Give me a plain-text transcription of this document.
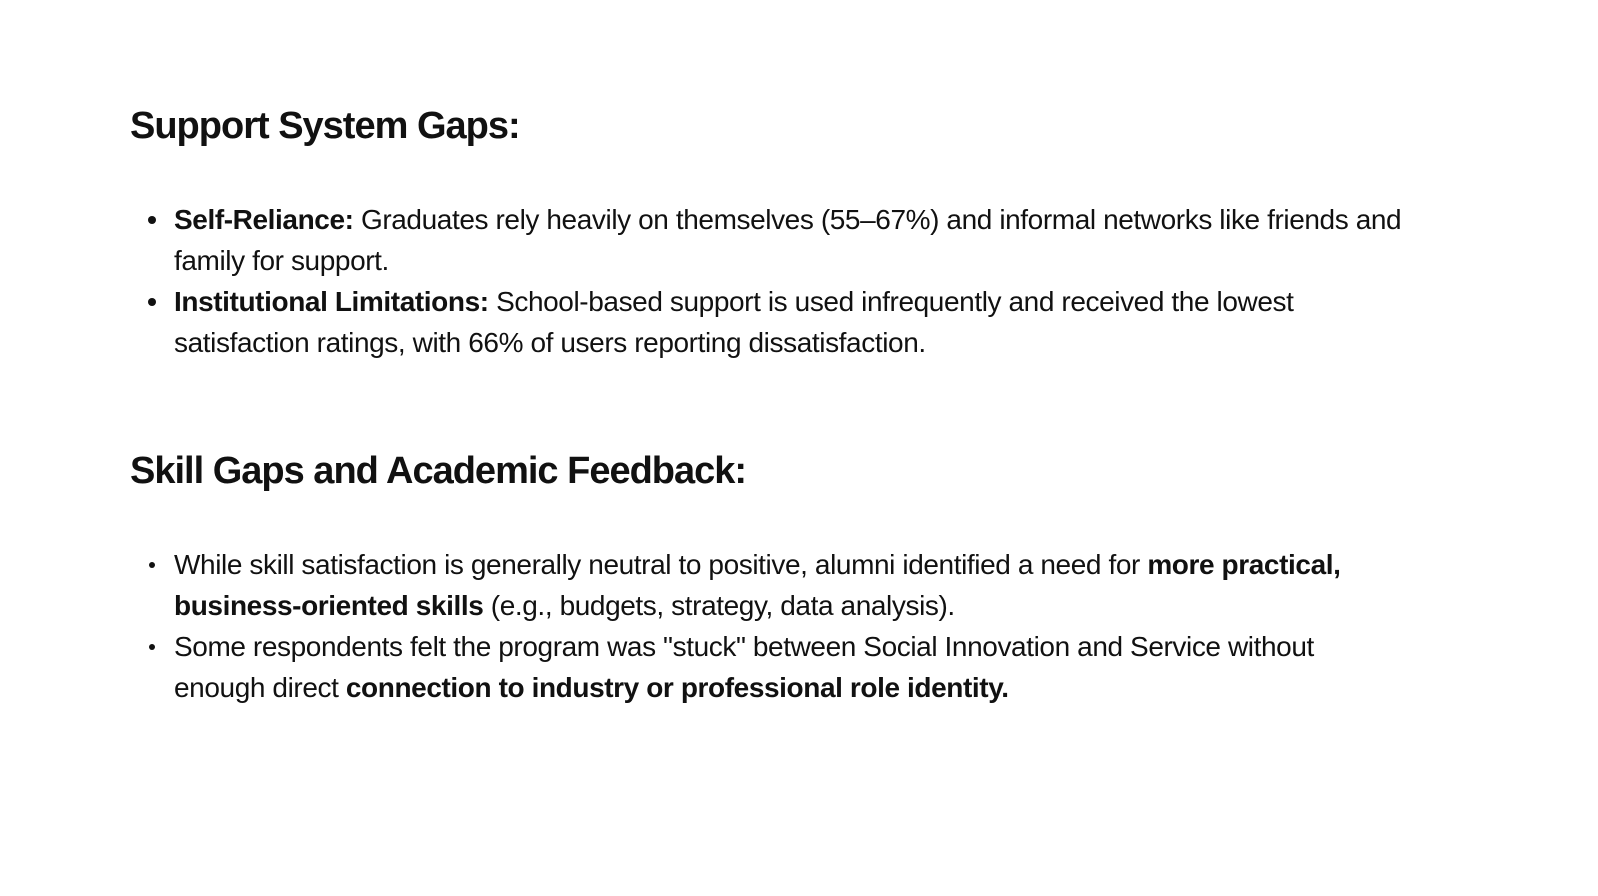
Support System Gaps:
Self-Reliance: Graduates rely heavily on themselves (55–67%) and informal networks like friends and family for support.
Institutional Limitations: School-based support is used infrequently and received the lowest satisfaction ratings, with 66% of users reporting dissatisfaction.
Skill Gaps and Academic Feedback:
While skill satisfaction is generally neutral to positive, alumni identified a need for more practical, business-oriented skills (e.g., budgets, strategy, data analysis).
Some respondents felt the program was "stuck" between Social Innovation and Service without enough direct connection to industry or professional role identity.
